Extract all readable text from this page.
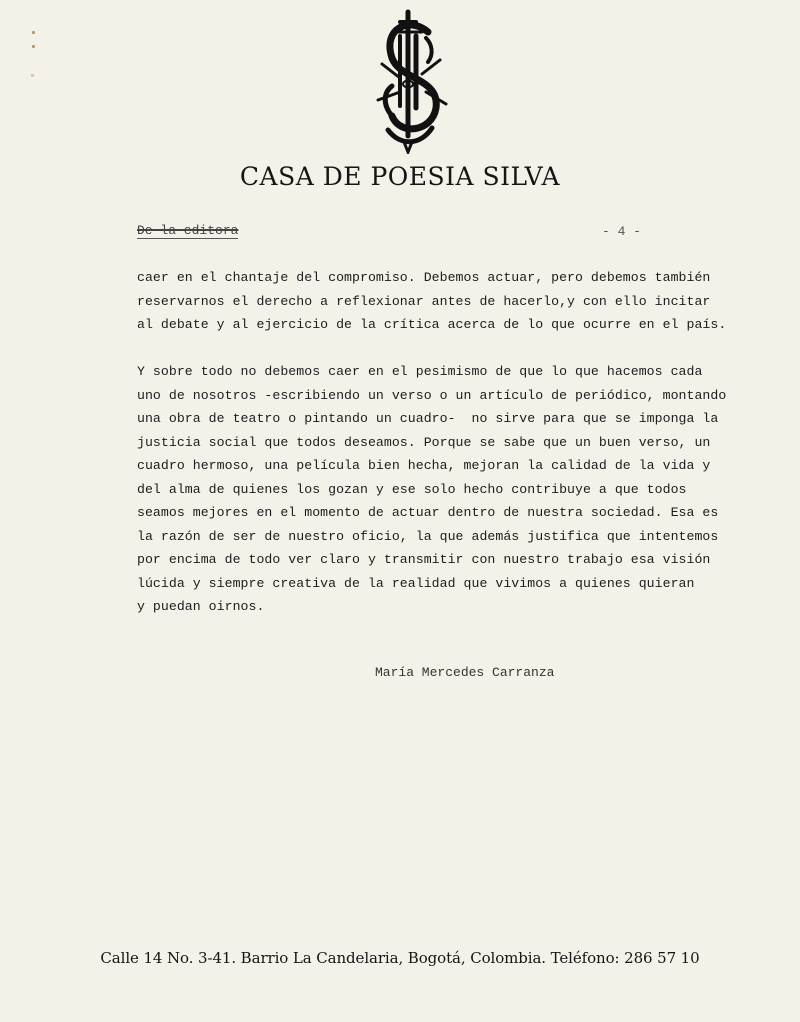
CASA DE POESIA SILVA
De la editora	- 4 -
caer en el chantaje del compromiso. Debemos actuar, pero debemos también
reservarnos el derecho a reflexionar antes de hacerlo,y con ello incitar
al debate y al ejercicio de la crítica acerca de lo que ocurre en el país.
Y sobre todo no debemos caer en el pesimismo de que lo que hacemos cada
uno de nosotros -escribiendo un verso o un artículo de periódico, montando
una obra de teatro o pintando un cuadro-  no sirve para que se imponga la
justicia social que todos deseamos. Porque se sabe que un buen verso, un
cuadro hermoso, una película bien hecha, mejoran la calidad de la vida y
del alma de quienes los gozan y ese solo hecho contribuye a que todos
seamos mejores en el momento de actuar dentro de nuestra sociedad. Esa es
la razón de ser de nuestro oficio, la que además justifica que intentemos
por encima de todo ver claro y transmitir con nuestro trabajo esa visión
lúcida y siempre creativa de la realidad que vivimos a quienes quieran
y puedan oirnos.
María Mercedes Carranza
Calle 14 No. 3-41. Barrio La Candelaria, Bogotá, Colombia. Teléfono: 286 57 10
